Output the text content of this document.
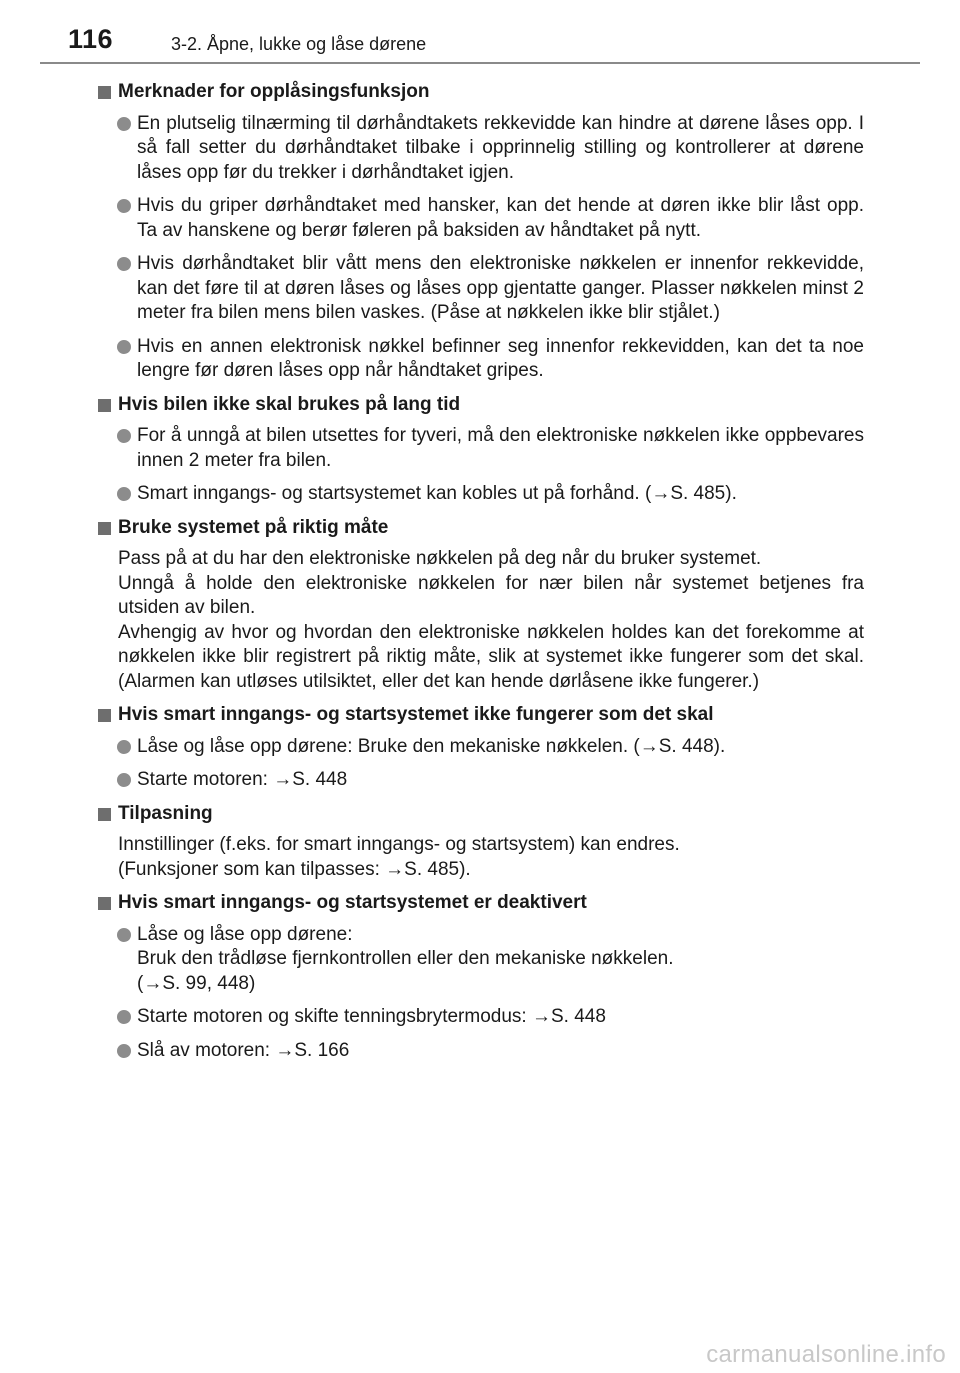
116	3-2. Åpne, lukke og låse dørene
Merknader for opplåsingsfunksjon
En plutselig tilnærming til dørhåndtakets rekkevidde kan hindre at dørene låses opp. I så fall setter du dørhåndtaket tilbake i opprinnelig stilling og kontrollerer at dørene låses opp før du trekker i dørhåndtaket igjen.
Hvis du griper dørhåndtaket med hansker, kan det hende at døren ikke blir låst opp. Ta av hanskene og berør føleren på baksiden av håndtaket på nytt.
Hvis dørhåndtaket blir vått mens den elektroniske nøkkelen er innenfor rekkevidde, kan det føre til at døren låses og låses opp gjentatte ganger. Plasser nøkkelen minst 2 meter fra bilen mens bilen vaskes. (Påse at nøkkelen ikke blir stjålet.)
Hvis en annen elektronisk nøkkel befinner seg innenfor rekkevidden, kan det ta noe lengre før døren låses opp når håndtaket gripes.
Hvis bilen ikke skal brukes på lang tid
For å unngå at bilen utsettes for tyveri, må den elektroniske nøkkelen ikke oppbevares innen 2 meter fra bilen.
Smart inngangs- og startsystemet kan kobles ut på forhånd. (→S. 485).
Bruke systemet på riktig måte
Pass på at du har den elektroniske nøkkelen på deg når du bruker systemet.
Unngå å holde den elektroniske nøkkelen for nær bilen når systemet betjenes fra utsiden av bilen.
Avhengig av hvor og hvordan den elektroniske nøkkelen holdes kan det forekomme at nøkkelen ikke blir registrert på riktig måte, slik at systemet ikke fungerer som det skal. (Alarmen kan utløses utilsiktet, eller det kan hende dørlåsene ikke fungerer.)
Hvis smart inngangs- og startsystemet ikke fungerer som det skal
Låse og låse opp dørene: Bruke den mekaniske nøkkelen. (→S. 448).
Starte motoren: →S. 448
Tilpasning
Innstillinger (f.eks. for smart inngangs- og startsystem) kan endres.
(Funksjoner som kan tilpasses: →S. 485).
Hvis smart inngangs- og startsystemet er deaktivert
Låse og låse opp dørene:
Bruk den trådløse fjernkontrollen eller den mekaniske nøkkelen.
(→S. 99, 448)
Starte motoren og skifte tenningsbrytermodus: →S. 448
Slå av motoren: →S. 166
carmanualsonline.info
